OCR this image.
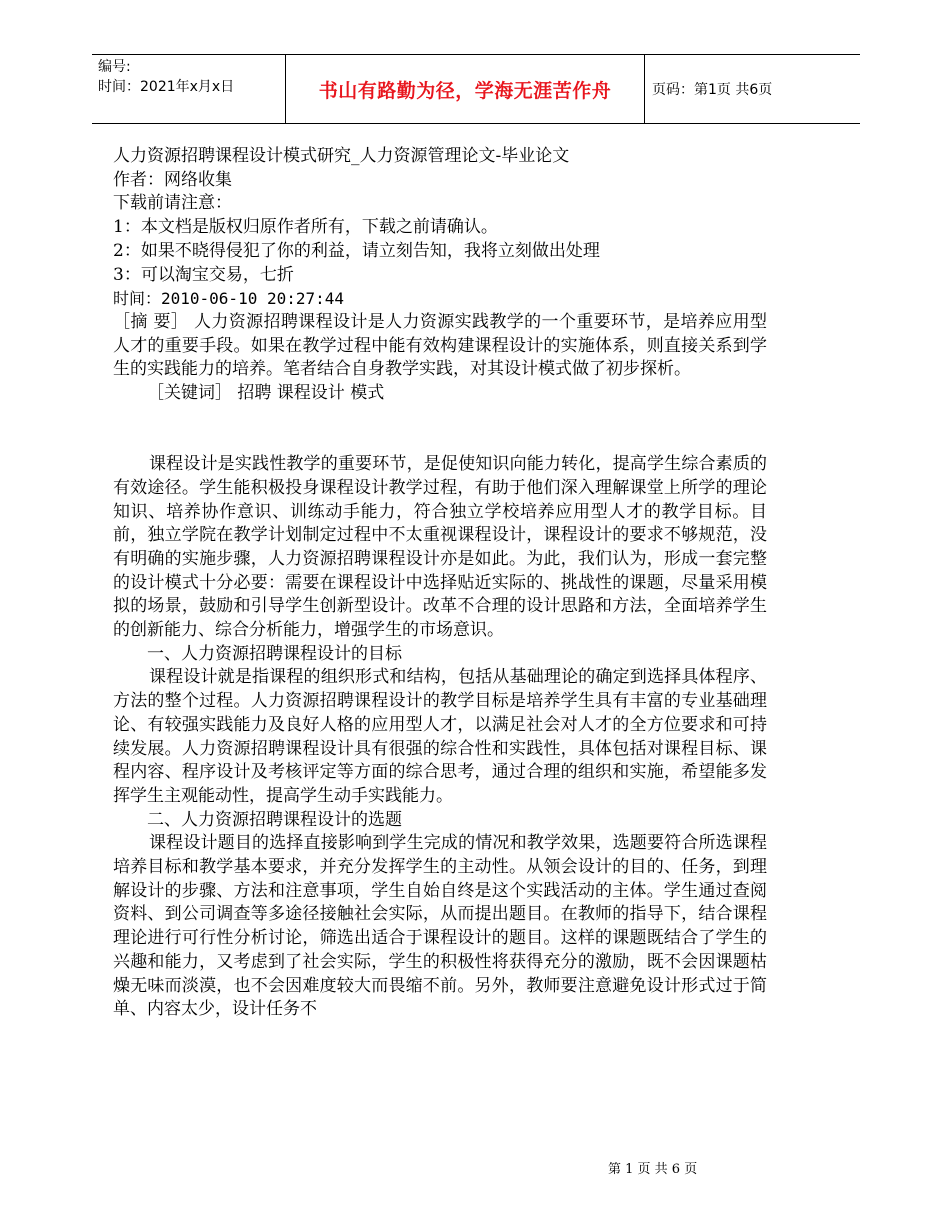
编号:
时间：2021年x月x日	书山有路勤为径，学海无涯苦作舟	页码：第1页 共6页
人力资源招聘课程设计模式研究_人力资源管理论文-毕业论文
作者：网络收集
下载前请注意：
1：本文档是版权归原作者所有，下载之前请确认。
2：如果不晓得侵犯了你的利益，请立刻告知，我将立刻做出处理
3：可以淘宝交易，七折
时间：2010-06-10 20:27:44

［摘 要］ 人力资源招聘课程设计是人力资源实践教学的一个重要环节，是培养应用型人才的重要手段。如果在教学过程中能有效构建课程设计的实施体系，则直接关系到学生的实践能力的培养。笔者结合自身教学实践，对其设计模式做了初步探析。

［关键词］ 招聘 课程设计 模式

课程设计是实践性教学的重要环节，是促使知识向能力转化，提高学生综合素质的有效途径。学生能积极投身课程设计教学过程，有助于他们深入理解课堂上所学的理论知识、培养协作意识、训练动手能力，符合独立学校培养应用型人才的教学目标。目前，独立学院在教学计划制定过程中不太重视课程设计，课程设计的要求不够规范，没有明确的实施步骤，人力资源招聘课程设计亦是如此。为此，我们认为，形成一套完整的设计模式十分必要：需要在课程设计中选择贴近实际的、挑战性的课题，尽量采用模拟的场景，鼓励和引导学生创新型设计。改革不合理的设计思路和方法，全面培养学生的创新能力、综合分析能力，增强学生的市场意识。

一、人力资源招聘课程设计的目标

课程设计就是指课程的组织形式和结构，包括从基础理论的确定到选择具体程序、方法的整个过程。人力资源招聘课程设计的教学目标是培养学生具有丰富的专业基础理论、有较强实践能力及良好人格的应用型人才，以满足社会对人才的全方位要求和可持续发展。人力资源招聘课程设计具有很强的综合性和实践性，具体包括对课程目标、课程内容、程序设计及考核评定等方面的综合思考，通过合理的组织和实施，希望能多发挥学生主观能动性，提高学生动手实践能力。

二、人力资源招聘课程设计的选题

课程设计题目的选择直接影响到学生完成的情况和教学效果，选题要符合所选课程培养目标和教学基本要求，并充分发挥学生的主动性。从领会设计的目的、任务，到理解设计的步骤、方法和注意事项，学生自始自终是这个实践活动的主体。学生通过查阅资料、到公司调查等多途径接触社会实际，从而提出题目。在教师的指导下，结合课程理论进行可行性分析讨论，筛选出适合于课程设计的题目。这样的课题既结合了学生的兴趣和能力，又考虑到了社会实际，学生的积极性将获得充分的激励，既不会因课题枯燥无味而淡漠，也不会因难度较大而畏缩不前。另外，教师要注意避免设计形式过于简单、内容太少，设计任务不

第 1 页 共 6 页
